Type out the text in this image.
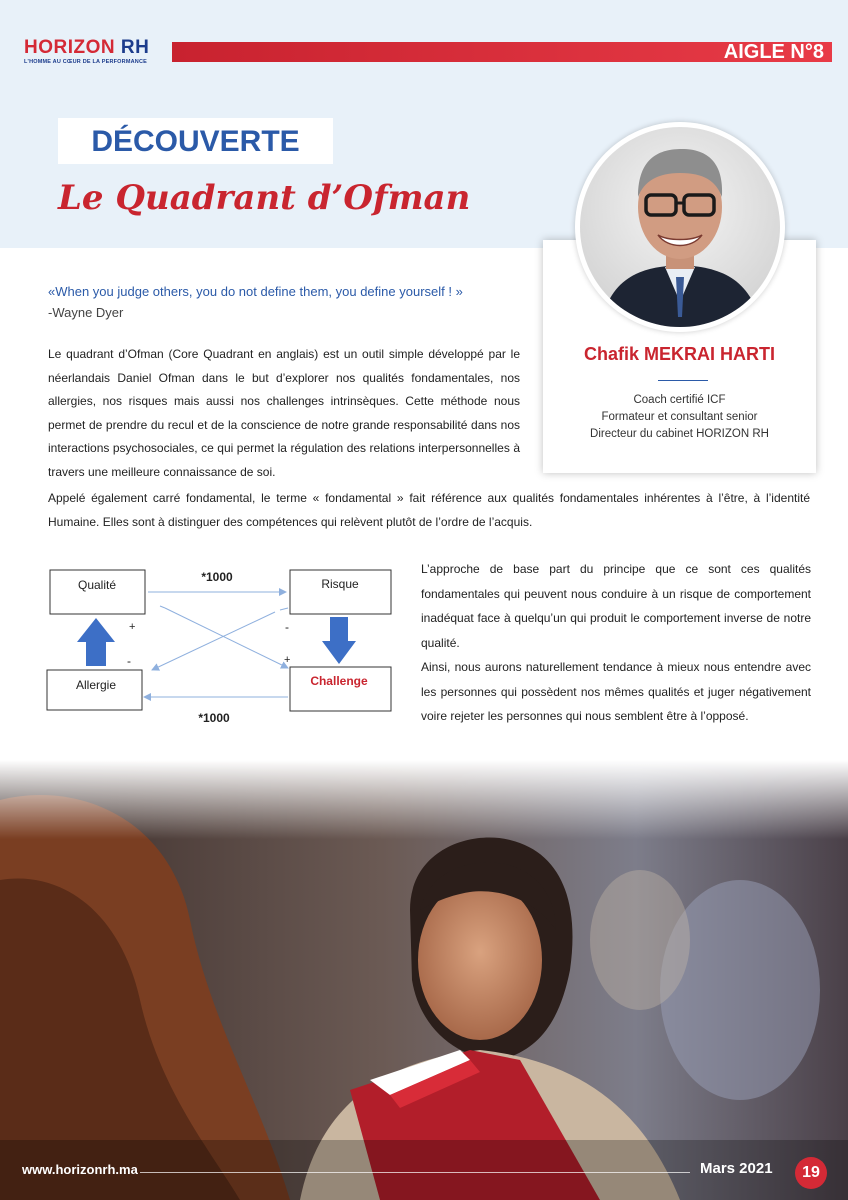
HORIZON RH
L'HOMME AU CŒUR DE LA PERFORMANCE	AIGLE N°8
DÉCOUVERTE
Le Quadrant d’Ofman
Chafik MEKRAI HARTI
Coach certifié ICF
Formateur et consultant senior
Directeur du cabinet HORIZON RH
«When you judge others, you do not define them, you define yourself ! »
-Wayne Dyer
Le quadrant d’Ofman (Core Quadrant en anglais) est un outil simple développé par le néerlandais Daniel Ofman dans le but d’explorer nos qualités fondamentales, nos allergies, nos risques mais aussi nos challenges intrinsèques. Cette méthode nous permet de prendre du recul et de la conscience de notre grande responsabilité dans nos interactions psychosociales, ce qui permet la régulation des relations interpersonnelles à travers une meilleure connaissance de soi.
Appelé également carré fondamental, le terme « fondamental » fait référence aux qualités fondamentales inhérentes à l’être, à l’identité Humaine. Elles sont à distinguer des compétences qui relèvent plutôt de l’ordre de l’acquis.
Qualité	Risque
Allergie	Challenge
*1000
*1000
+
-
-
+

L’approche de base part du principe que ce sont ces qualités fondamentales qui peuvent nous conduire à un risque de comportement inadéquat face à quelqu’un qui produit le comportement inverse de notre qualité.

Ainsi, nous aurons naturellement tendance à mieux nous entendre avec les personnes qui possèdent nos mêmes qualités et juger négativement voire rejeter les personnes qui nous semblent être à l’opposé.

www.horizonrh.ma	Mars 2021	19
